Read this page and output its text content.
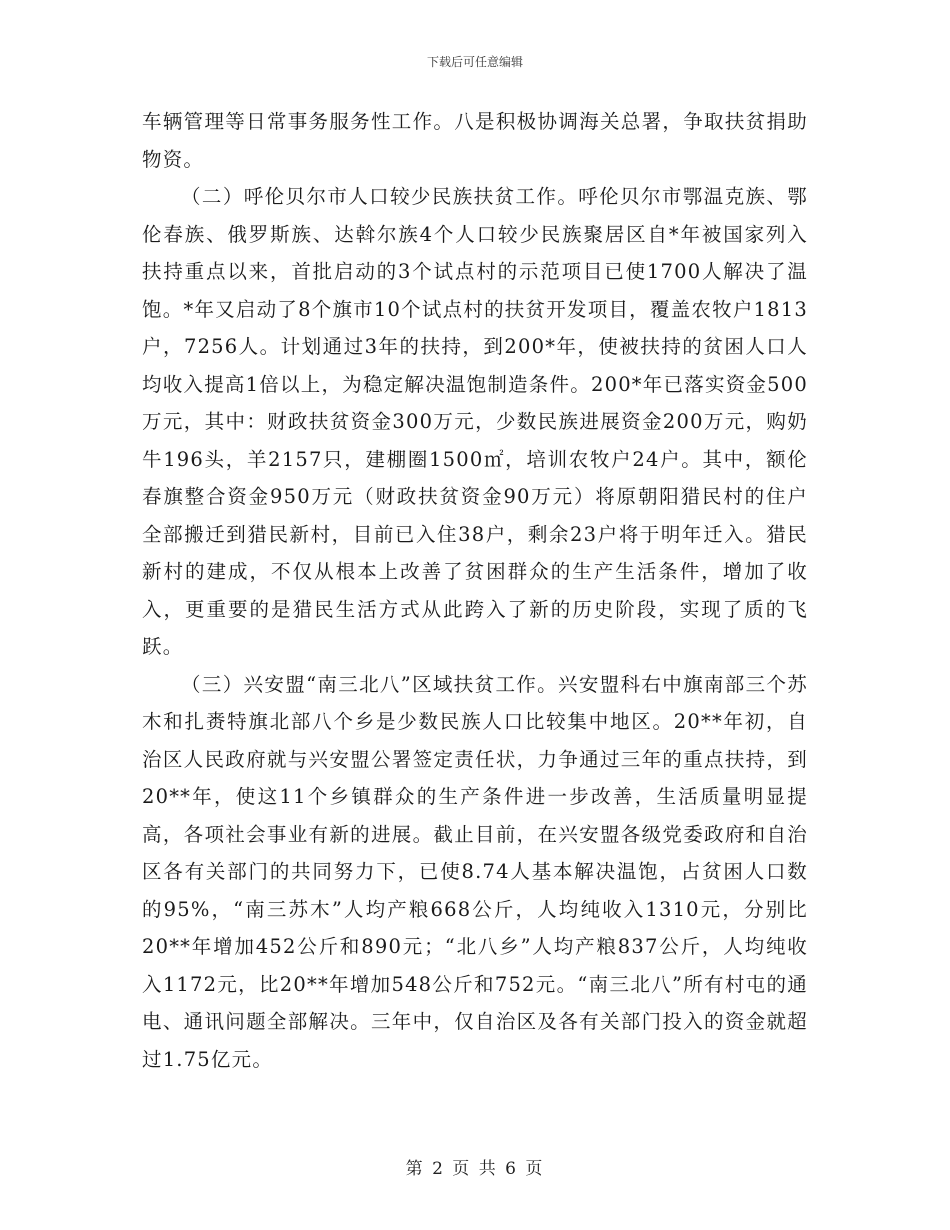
下载后可任意编辑

车辆管理等日常事务服务性工作。八是积极协调海关总署，争取扶贫捐助物资。

（二）呼伦贝尔市人口较少民族扶贫工作。呼伦贝尔市鄂温克族、鄂伦春族、俄罗斯族、达斡尔族4个人口较少民族聚居区自*年被国家列入扶持重点以来，首批启动的3个试点村的示范项目已使1700人解决了温饱。*年又启动了8个旗市10个试点村的扶贫开发项目，覆盖农牧户1813户，7256人。计划通过3年的扶持，到200*年，使被扶持的贫困人口人均收入提高1倍以上，为稳定解决温饱制造条件。200*年已落实资金500万元，其中：财政扶贫资金300万元，少数民族进展资金200万元，购奶牛196头，羊2157只，建棚圈1500㎡，培训农牧户24户。其中，额伦春旗整合资金950万元（财政扶贫资金90万元）将原朝阳猎民村的住户全部搬迁到猎民新村，目前已入住38户，剩余23户将于明年迁入。猎民新村的建成，不仅从根本上改善了贫困群众的生产生活条件，增加了收入，更重要的是猎民生活方式从此跨入了新的历史阶段，实现了质的飞跃。

（三）兴安盟“南三北八”区域扶贫工作。兴安盟科右中旗南部三个苏木和扎赉特旗北部八个乡是少数民族人口比较集中地区。20**年初，自治区人民政府就与兴安盟公署签定责任状，力争通过三年的重点扶持，到20**年，使这11个乡镇群众的生产条件进一步改善，生活质量明显提高，各项社会事业有新的进展。截止目前，在兴安盟各级党委政府和自治区各有关部门的共同努力下，已使8.74人基本解决温饱，占贫困人口数的95%，“南三苏木”人均产粮668公斤，人均纯收入1310元，分别比20**年增加452公斤和890元；“北八乡”人均产粮837公斤，人均纯收入1172元，比20**年增加548公斤和752元。“南三北八”所有村屯的通电、通讯问题全部解决。三年中，仅自治区及各有关部门投入的资金就超过1.75亿元。

第 2 页 共 6 页
